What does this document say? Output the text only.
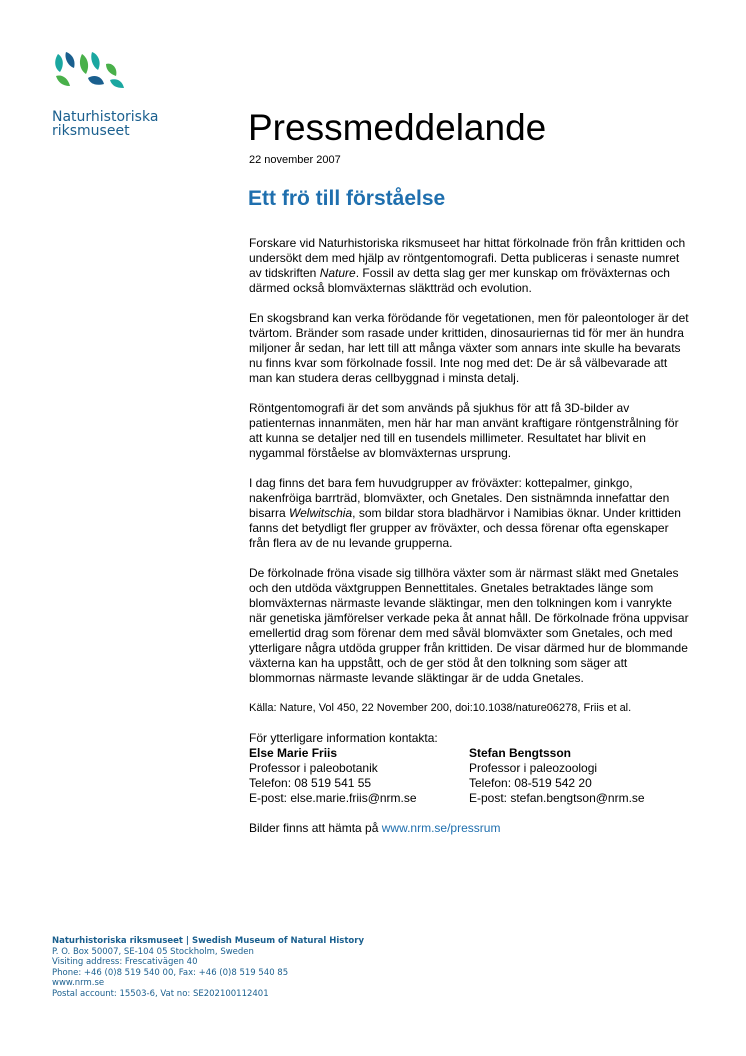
Naturhistoriska
riksmuseet	Pressmeddelande
22 november 2007
Ett frö till förståelse

Forskare vid Naturhistoriska riksmuseet har hittat förkolnade frön från krittiden och undersökt dem med hjälp av röntgentomografi. Detta publiceras i senaste numret av tidskriften Nature. Fossil av detta slag ger mer kunskap om fröväxternas och därmed också blomväxternas släktträd och evolution.

En skogsbrand kan verka förödande för vegetationen, men för paleontologer är det tvärtom. Bränder som rasade under krittiden, dinosauriernas tid för mer än hundra miljoner år sedan, har lett till att många växter som annars inte skulle ha bevarats nu finns kvar som förkolnade fossil. Inte nog med det: De är så välbevarade att man kan studera deras cellbyggnad i minsta detalj.

Röntgentomografi är det som används på sjukhus för att få 3D-bilder av patienternas innanmäten, men här har man använt kraftigare röntgenstrålning för att kunna se detaljer ned till en tusendels millimeter. Resultatet har blivit en nygammal förståelse av blomväxternas ursprung.

I dag finns det bara fem huvudgrupper av fröväxter: kottepalmer, ginkgo, nakenfröiga barrträd, blomväxter, och Gnetales. Den sistnämnda innefattar den bisarra Welwitschia, som bildar stora bladhärvor i Namibias öknar. Under krittiden fanns det betydligt fler grupper av fröväxter, och dessa förenar ofta egenskaper från flera av de nu levande grupperna.

De förkolnade fröna visade sig tillhöra växter som är närmast släkt med Gnetales och den utdöda växtgruppen Bennettitales. Gnetales betraktades länge som blomväxternas närmaste levande släktingar, men den tolkningen kom i vanrykte när genetiska jämförelser verkade peka åt annat håll. De förkolnade fröna uppvisar emellertid drag som förenar dem med såväl blomväxter som Gnetales, och med ytterligare några utdöda grupper från krittiden. De visar därmed hur de blommande växterna kan ha uppstått, och de ger stöd åt den tolkning som säger att blommornas närmaste levande släktingar är de udda Gnetales.

Källa: Nature, Vol 450, 22 November 200, doi:10.1038/nature06278, Friis et al.

För ytterligare information kontakta:
Else Marie Friis
Professor i paleobotanik
Telefon: 08 519 541 55
E-post: else.marie.friis@nrm.se
Stefan Bengtsson
Professor i paleozoologi
Telefon: 08-519 542 20
E-post: stefan.bengtson@nrm.se
Bilder finns att hämta på www.nrm.se/pressrum
Naturhistoriska riksmuseet | Swedish Museum of Natural History
P. O. Box 50007, SE-104 05 Stockholm, Sweden
Visiting address: Frescativägen 40
Phone: +46 (0)8 519 540 00, Fax: +46 (0)8 519 540 85
www.nrm.se
Postal account: 15503-6, Vat no: SE202100112401
